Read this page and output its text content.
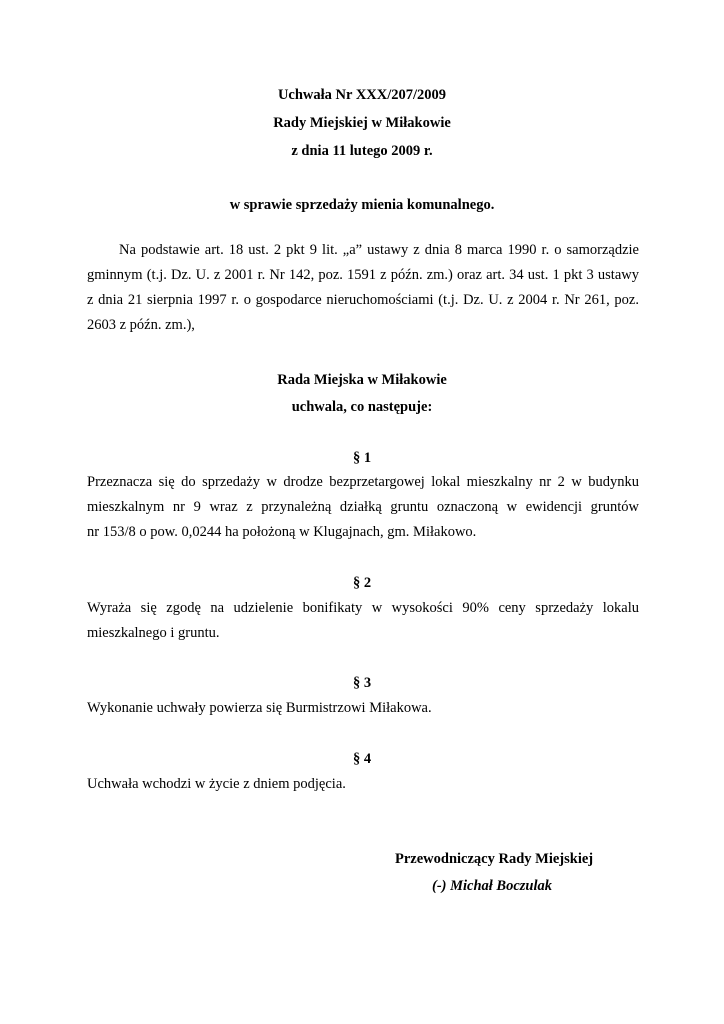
Uchwała Nr XXX/207/2009
Rady Miejskiej w Miłakowie
z dnia 11 lutego 2009 r.
w sprawie sprzedaży mienia komunalnego.
Na podstawie art. 18 ust. 2 pkt 9 lit. „a” ustawy z dnia 8 marca 1990 r. o samorządzie
gminnym (t.j. Dz. U. z 2001 r. Nr 142, poz. 1591 z późn. zm.) oraz art. 34 ust. 1 pkt 3 ustawy
z dnia 21 sierpnia 1997 r. o gospodarce nieruchomościami (t.j. Dz. U. z 2004 r. Nr 261, poz.
2603 z późn. zm.),
Rada Miejska w Miłakowie
uchwala, co następuje:
§ 1
Przeznacza się do sprzedaży w drodze bezprzetargowej lokal mieszkalny nr 2 w budynku
mieszkalnym nr 9 wraz z przynależną działką gruntu oznaczoną w ewidencji gruntów
nr 153/8 o pow. 0,0244 ha położoną w Klugajnach, gm. Miłakowo.
§ 2
Wyraża się zgodę na udzielenie bonifikaty w wysokości 90% ceny sprzedaży lokalu
mieszkalnego i gruntu.
§ 3
Wykonanie uchwały powierza się Burmistrzowi Miłakowa.
§ 4
Uchwała wchodzi w życie z dniem podjęcia.
Przewodniczący Rady Miejskiej
(-) Michał Boczulak
